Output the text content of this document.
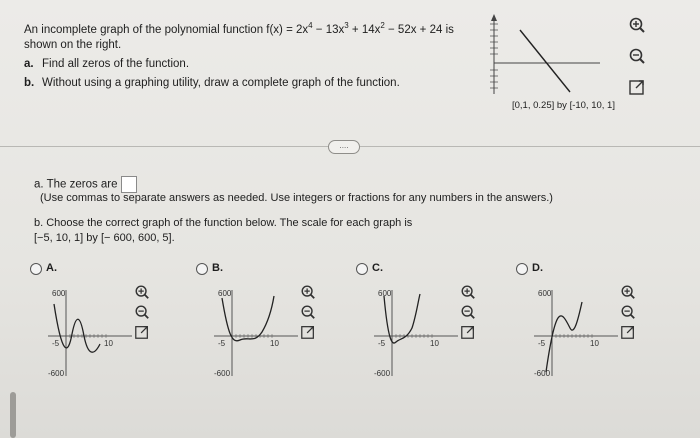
An incomplete graph of the polynomial function $f(x) = 2x^4 - 13x^3 + 14x^2 - 52x + 24$ is
shown on the right.
a. Find all zeros of the function.
b. Without using a graphing utility, draw a complete graph of the function.
[0,1, 0.25] by [-10, 10, 1]
....
a. The zeros are
(Use commas to separate answers as needed. Use integers or fractions for any numbers in the answers.)
b. Choose the correct graph of the function below. The scale for each graph is
[−5, 10, 1] by [− 600, 600, 5].
A.
600
-600
-5	10
B.
600
-600
-5	10
C.
600
-600
-5	10
D.
600
-600
-5	10
